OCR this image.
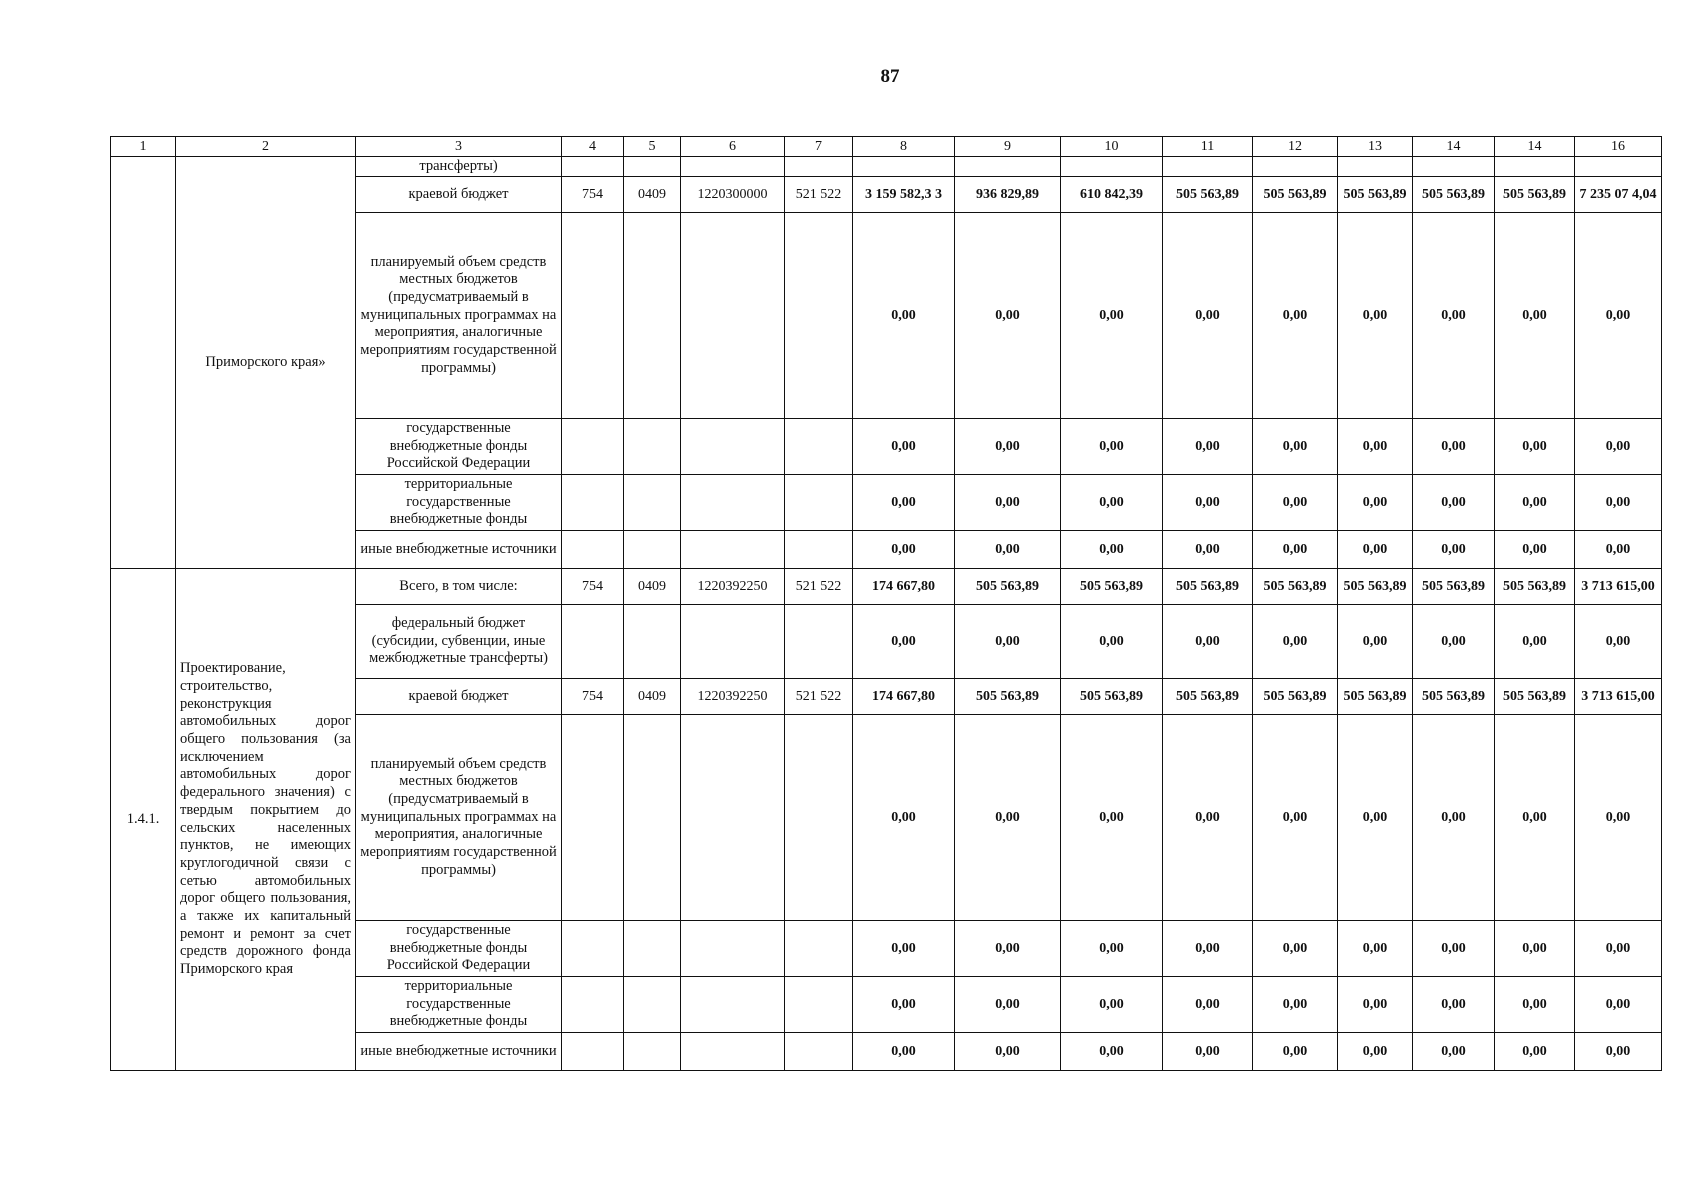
87
1	2	3	4	5	6	7	8	9	10	11	12	13	14	14	16
	Приморского края»	трансферты)													
		краевой бюджет	754	0409	1220300000	521 522	3 159 582,3 3	936 829,89	610 842,39	505 563,89	505 563,89	505 563,89	505 563,89	505 563,89	7 235 07 4,04
		планируемый объем средств местных бюджетов (предусматриваемый в муниципальных программах на мероприятия, аналогичные мероприятиям государственной программы)					0,00	0,00	0,00	0,00	0,00	0,00	0,00	0,00	0,00
		государственные внебюджетные фонды Российской Федерации					0,00	0,00	0,00	0,00	0,00	0,00	0,00	0,00	0,00
		территориальные государственные внебюджетные фонды					0,00	0,00	0,00	0,00	0,00	0,00	0,00	0,00	0,00
		иные внебюджетные источники					0,00	0,00	0,00	0,00	0,00	0,00	0,00	0,00	0,00
1.4.1.	Проектирование, строительство, реконструкция автомобильных дорог общего пользования (за исключением автомобильных дорог федерального значения) с твердым покрытием до сельских населенных пунктов, не имеющих круглогодичной связи с сетью автомобильных дорог общего пользования, а также их капитальный ремонт и ремонт за счет средств дорожного фонда Приморского края	Всего, в том числе:	754	0409	1220392250	521 522	174 667,80	505 563,89	505 563,89	505 563,89	505 563,89	505 563,89	505 563,89	505 563,89	3 713 615,00
		федеральный бюджет (субсидии, субвенции, иные межбюджетные трансферты)					0,00	0,00	0,00	0,00	0,00	0,00	0,00	0,00	0,00
		краевой бюджет	754	0409	1220392250	521 522	174 667,80	505 563,89	505 563,89	505 563,89	505 563,89	505 563,89	505 563,89	505 563,89	3 713 615,00
		планируемый объем средств местных бюджетов (предусматриваемый в муниципальных программах на мероприятия, аналогичные мероприятиям государственной программы)					0,00	0,00	0,00	0,00	0,00	0,00	0,00	0,00	0,00
		государственные внебюджетные фонды Российской Федерации					0,00	0,00	0,00	0,00	0,00	0,00	0,00	0,00	0,00
		территориальные государственные внебюджетные фонды					0,00	0,00	0,00	0,00	0,00	0,00	0,00	0,00	0,00
		иные внебюджетные источники					0,00	0,00	0,00	0,00	0,00	0,00	0,00	0,00	0,00
